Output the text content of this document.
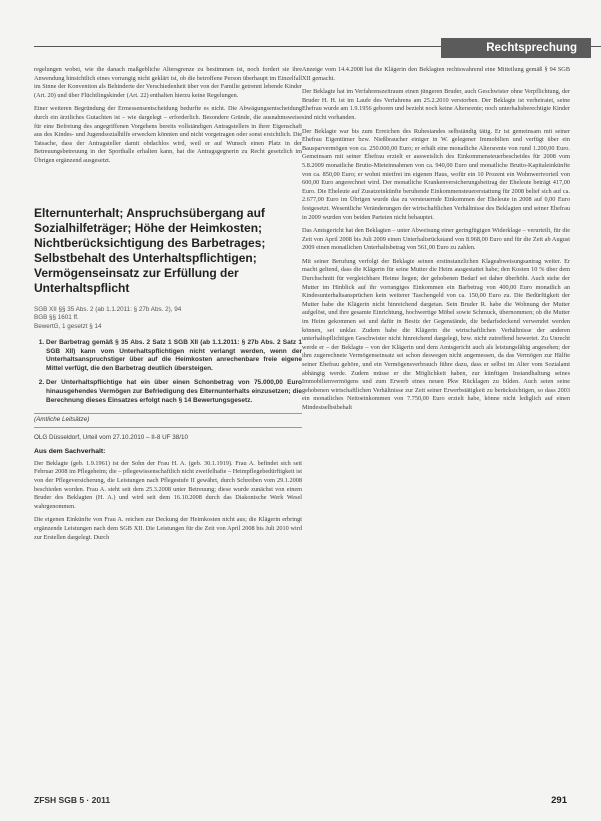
Rechtsprechung

regelungen wobei, wie die danach maßgebliche Altersgrenze zu bestimmen ist, noch fordert sie ihre Anwendung hinsichtlich eines vorrangig nicht geklärt ist, ob die betroffene Person überhaupt im Einzelfall im Sinne der Konvention als Behinderte der Verschiedenheit über von der Familie getrennt lebende Kinder (Art. 20) und über Flüchtlingskinder (Art. 22) enthalten hierzu keine Regelungen.

Einer weiteren Begründung der Ermessensentscheidung bedurfte es nicht. Die Abwägungsentscheidung durch ein ärztliches Gutachten ist – wie dargelegt – erforderlich. Besondere Gründe, die ausnahmsweise für eine Befreiung des angegriffenen Vorgehens bereits vollständigen Antragstellers in ihrer Eigenschaft aus des Kindes- und Jugendsozialhilfe erwecken könnten und nicht vorgetragen oder sonst ersichtlich. Die Tatsache, dass der Antragsteller damit obdachlos wird, weil er auf Wunsch einen Platz in der Betreuungsbetreuung in der Sporthalle erhalten kann, hat die Antragsgegnerin zu Recht gesetzlich im Übrigen ergänzend ausgesetzt.

Elternunterhalt; Anspruchsübergang auf Sozialhilfeträger; Höhe der Heimkosten; Nichtberücksichtigung des Barbetrages; Selbstbehalt des Unterhaltspflichtigen; Vermögenseinsatz zur Erfüllung der Unterhaltspflicht
SGB XII §§ 35 Abs. 2 (ab 1.1.2011: § 27b Abs. 2), 94
BGB §§ 1601 ff.
BewertG, 1 gesetzt § 14
1. Der Barbetrag gemäß § 35 Abs. 2 Satz 1 SGB XII (ab 1.1.2011: § 27b Abs. 2 Satz 1 SGB XII) kann vom Unterhaltspflichtigen nicht verlangt werden, wenn der Unterhaltsanspruchstiger über auf die Heimkosten anrechenbare freie eigene Mittel verfügt, die den Barbetrag deutlich übersteigen.
2. Der Unterhaltspflichtige hat ein über einen Schonbetrag von 75.000,00 Euro hinausgehendes Vermögen zur Befriedigung des Elternunterhalts einzusetzen; die Berechnung dieses Einsatzes erfolgt nach § 14 Bewertungsgesetz.
(Amtliche Leitsätze)
OLG Düsseldorf, Urteil vom 27.10.2010 – II-8 UF 38/10
Aus dem Sachverhalt:

Der Beklagte (geb. 1.9.1961) ist der Sohn der Frau H. A. (geb. 30.1.1919). Frau A. befindet sich seit Februar 2008 im Pflegeheim; die – pflegewissenschaftlich nicht zweifelhafte – Heimpflegebedürftigkeit ist von der Pflegeversicherung, die Leistungen nach Pflegestufe II gewährt, durch Schreiben vom 29.1.2008 beschieden worden. Frau A. steht seit dem 25.3.2008 unter Betreuung; diese wurde zunächst von einem Bruder des Beklagten (H. A.) und wird seit dem 16.10.2008 durch das Diakonische Werk Wesel wahrgenommen.

Die eigenen Einkünfte von Frau A. reichen zur Deckung der Heimkosten nicht aus; die Klägerin erbringt ergänzende Leistungen nach dem SGB XII. Die Leistungen für die Zeit von April 2008 bis Juli 2010 wird zur Erstellen dargelegt. Durch

Anzeige vom 14.4.2008 hat die Klägerin den Beklagten rechtswahrend eine Mitteilung gemäß § 94 SGB XII gemacht.

Der Beklagte hat im Verfahrenszeitraum einen jüngeren Bruder, auch Geschwister ohne Verpflichtung, der Bruder H. H. ist im Laufe des Verfahrens am 25.2.2010 verstorben. Der Beklagte ist verheiratet, seine Ehefrau wurde am 1.9.1956 geboren und bezieht noch keine Altersrente; noch unterhaltsberechtigte Kinder sind nicht vorhanden.

Der Beklagte war bis zum Erreichen des Ruhestandes selbständig tätig. Er ist gemeinsam mit seiner Ehefrau Eigentümer bzw. Nießbraucher einiger in W. gelegener Immobilien und verfügt über ein Bausparvermögen von ca. 250.000,00 Euro; er erhält eine monatliche Altersrente von rund 1.200,00 Euro. Gemeinsam mit seiner Ehefrau erzielt er ausweislich des Einkommensteuerbescheides für 2008 vom 5.8.2009 monatliche Brutto-Mieteinnahmen von ca. 940,00 Euro und monatliche Brutto-Kapitaleinkünfte von ca. 850,00 Euro; er wohnt mietfrei im eigenen Haus, wofür ein 10 Prozent ein Wohnwertvorteil von 600,00 Euro angerechnet wird. Der monatliche Krankenversicherungsbeitrag der Eheleute beträgt 417,00 Euro. Die Eheleute auf Zusatzeinkünfte beruhende Einkommensteuererstattung für 2008 belief sich auf ca. 2.677,00 Euro im Übrigen wurde das zu versteuernde Einkommen der Eheleute in 2008 auf 0,00 Euro festgesetzt. Wesentliche Veränderungen der wirtschaftlichen Verhältnisse des Beklagten und seiner Ehefrau in 2009 wurden von beiden Parteien nicht behauptet.

Das Amtsgericht hat den Beklagten – unter Abweisung einer geringfügigen Widerklage – verurteilt, für die Zeit von April 2008 bis Juli 2009 einen Unterhaltsrückstand von 8.968,00 Euro und für die Zeit ab August 2009 einen monatlichen Unterhaltsbetrag von 561,00 Euro zu zahlen.

Mit seiner Berufung verfolgt der Beklagte seinen erstinstanzlichen Klageabweisungsantrag weiter. Er macht geltend, dass die Klägerin für seine Mutter die Heim ausgestattet habe; den Kosten 10 % über dem Durchschnitt für vergleichbare Heime liegen; der gehobenen Bedarf sei daher überhöht. Auch stehe der Mutter im Hinblick auf ihr vorrangiges Einkommen ein Barbetrag von 400,00 Euro monatlich an Kindesunterhaltsansprüchen kein weiterer Taschengeld von ca. 150,00 Euro zu. Die Bedürftigkeit der Mutter habe die Klägerin nicht hinreichend dargetan. Sein Bruder R. habe die Wohnung der Mutter aufgelöst, und ihre gesamte Einrichtung, hochwertige Möbel sowie Schmuck, übernommen; ob die Mutter im Heim gekommen sei und dafür in Besitz der Gegenstände, die bedarfsdeckend verwendet werden können, sei unklar. Zudem habe die Klägerin die wirtschaftlichen Verhältnisse der anderen unterhaltspflichtigen Geschwister nicht hinreichend dargelegt, bzw. nicht zutreffend bewertet. Zu Unrecht werde er – der Beklagte – von der Klägerin und dem Amtsgericht auch als leistungsfähig angesehen; der ihm zugerechnete Vermögenseinsatz sei schon deswegen nicht angemessen, da das Vermögen zur Hälfte seiner Ehefrau gehöre, und ein Vermögensverbrauch führe dazu, dass er selbst im Alter vom Sozialamt abhängig werde. Zudem müsse er die Möglichkeit haben, zur künftigen Instandhaltung seines Immobilienvermögens und zum Erwerb eines neuen Pkw Rücklagen zu bilden. Auch seien seine gehobenen wirtschaftlichen Verhältnisse zur Zeit seiner Erwerbstätigkeit zu berücksichtigen, so dass 2003 ein monatliches Nettoeinkommen von 7.750,00 Euro erzielt habe, könne nicht lediglich auf einen Mindestselbstbehalt

ZFSH SGB 5 · 2011	291
